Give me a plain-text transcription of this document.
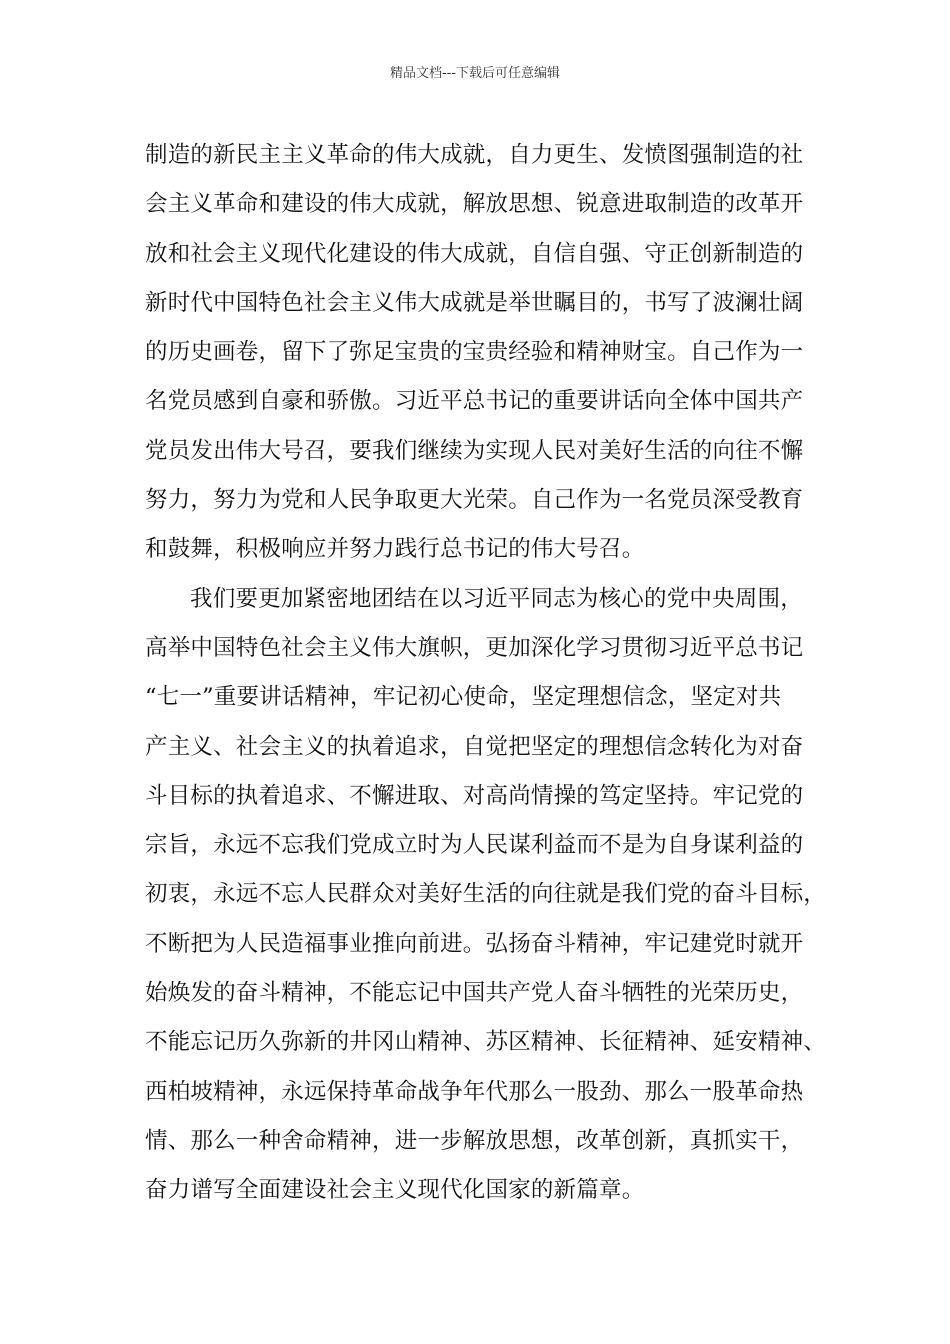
精品文档---下载后可任意编辑
制造的新民主主义革命的伟大成就，自力更生、发愤图强制造的社
会主义革命和建设的伟大成就，解放思想、锐意进取制造的改革开
放和社会主义现代化建设的伟大成就，自信自强、守正创新制造的
新时代中国特色社会主义伟大成就是举世瞩目的，书写了波澜壮阔
的历史画卷，留下了弥足宝贵的宝贵经验和精神财宝。自己作为一
名党员感到自豪和骄傲。习近平总书记的重要讲话向全体中国共产
党员发出伟大号召，要我们继续为实现人民对美好生活的向往不懈
努力，努力为党和人民争取更大光荣。自己作为一名党员深受教育
和鼓舞，积极响应并努力践行总书记的伟大号召。
我们要更加紧密地团结在以习近平同志为核心的党中央周围，
高举中国特色社会主义伟大旗帜，更加深化学习贯彻习近平总书记
“七一”重要讲话精神，牢记初心使命，坚定理想信念，坚定对共
产主义、社会主义的执着追求，自觉把坚定的理想信念转化为对奋
斗目标的执着追求、不懈进取、对高尚情操的笃定坚持。牢记党的
宗旨，永远不忘我们党成立时为人民谋利益而不是为自身谋利益的
初衷，永远不忘人民群众对美好生活的向往就是我们党的奋斗目标，
不断把为人民造福事业推向前进。弘扬奋斗精神，牢记建党时就开
始焕发的奋斗精神，不能忘记中国共产党人奋斗牺牲的光荣历史，
不能忘记历久弥新的井冈山精神、苏区精神、长征精神、延安精神、
西柏坡精神，永远保持革命战争年代那么一股劲、那么一股革命热
情、那么一种舍命精神，进一步解放思想，改革创新，真抓实干，
奋力谱写全面建设社会主义现代化国家的新篇章。
